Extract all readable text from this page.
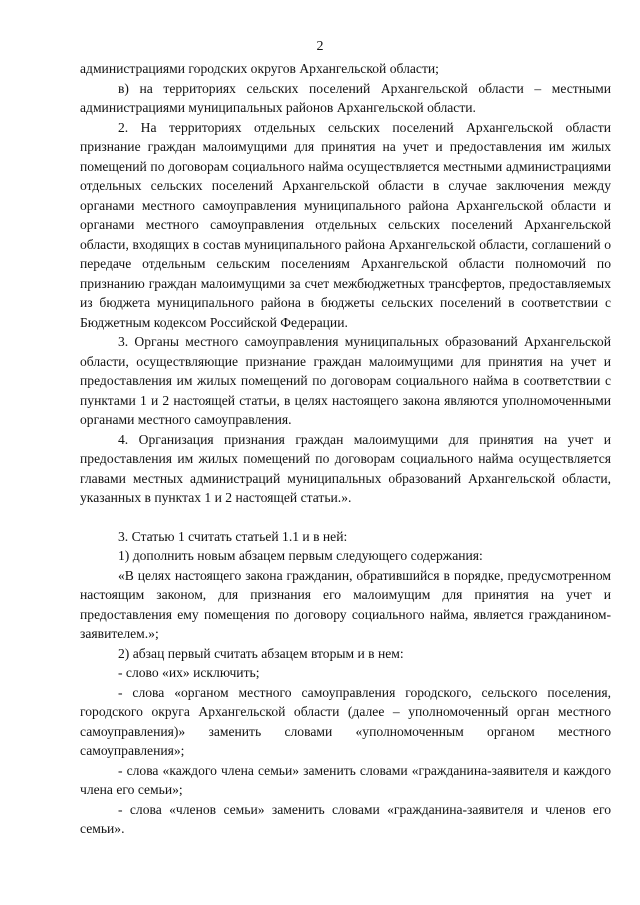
2

администрациями городских округов Архангельской области;

в) на территориях сельских поселений Архангельской области – местными администрациями муниципальных районов Архангельской области.

2. На территориях отдельных сельских поселений Архангельской области признание граждан малоимущими для принятия на учет и предоставления им жилых помещений по договорам социального найма осуществляется местными администрациями отдельных сельских поселений Архангельской области в случае заключения между органами местного самоуправления муниципального района Архангельской области и органами местного самоуправления отдельных сельских поселений Архангельской области, входящих в состав муниципального района Архангельской области, соглашений о передаче отдельным сельским поселениям Архангельской области полномочий по признанию граждан малоимущими за счет межбюджетных трансфертов, предоставляемых из бюджета муниципального района в бюджеты сельских поселений в соответствии с Бюджетным кодексом Российской Федерации.

3. Органы местного самоуправления муниципальных образований Архангельской области, осуществляющие признание граждан малоимущими для принятия на учет и предоставления им жилых помещений по договорам социального найма в соответствии с пунктами 1 и 2 настоящей статьи, в целях настоящего закона являются уполномоченными органами местного самоуправления.

4. Организация признания граждан малоимущими для принятия на учет и предоставления им жилых помещений по договорам социального найма осуществляется главами местных администраций муниципальных образований Архангельской области, указанных в пунктах 1 и 2 настоящей статьи.».

3. Статью 1 считать статьей 1.1 и в ней:

1) дополнить новым абзацем первым следующего содержания:

«В целях настоящего закона гражданин, обратившийся в порядке, предусмотренном настоящим законом, для признания его малоимущим для принятия на учет и предоставления ему помещения по договору социального найма, является гражданином-заявителем.»;

2) абзац первый считать абзацем вторым и в нем:

- слово «их» исключить;

- слова «органом местного самоуправления городского, сельского поселения, городского округа Архангельской области (далее – уполномоченный орган местного самоуправления)» заменить словами «уполномоченным органом местного самоуправления»;

- слова «каждого члена семьи» заменить словами «гражданина-заявителя и каждого члена его семьи»;

- слова «членов семьи» заменить словами «гражданина-заявителя и членов его семьи».
